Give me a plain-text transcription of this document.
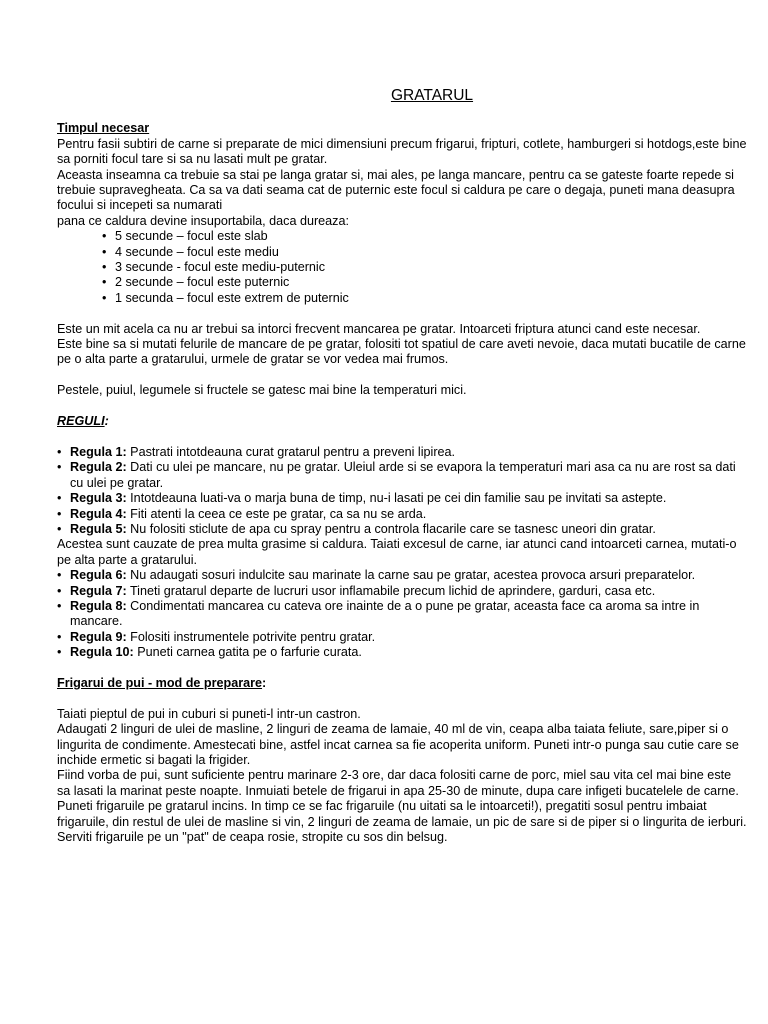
GRATARUL

Timpul necesar

Pentru fasii subtiri de carne si preparate de mici dimensiuni precum frigarui, fripturi, cotlete, hamburgeri si hotdogs,este bine sa porniti focul tare si sa nu lasati mult pe gratar.

Aceasta inseamna ca trebuie sa stai pe langa gratar si, mai ales, pe langa mancare, pentru ca se gateste foarte repede si trebuie supravegheata. Ca sa va dati seama cat de puternic este focul si caldura pe care o degaja, puneti mana deasupra focului si incepeti sa numarati

pana ce caldura devine insuportabila, daca dureaza:

• 5 secunde – focul este slab
• 4 secunde – focul este mediu
• 3 secunde - focul este mediu-puternic
• 2 secunde – focul este puternic
• 1 secunda – focul este extrem de puternic

Este un mit acela ca nu ar trebui sa intorci frecvent mancarea pe gratar. Intoarceti friptura atunci cand este necesar.

Este bine sa si mutati felurile de mancare de pe gratar, folositi tot spatiul de care aveti nevoie, daca mutati bucatile de carne pe o alta parte a gratarului, urmele de gratar se vor vedea mai frumos.

Pestele, puiul, legumele si fructele se gatesc mai bine la temperaturi mici.

REGULI:

• Regula 1: Pastrati intotdeauna curat gratarul pentru a preveni lipirea.
• Regula 2: Dati cu ulei pe mancare, nu pe gratar. Uleiul arde si se evapora la temperaturi mari asa ca nu are rost sa dati cu ulei pe gratar.
• Regula 3: Intotdeauna luati-va o marja buna de timp, nu-i lasati pe cei din familie sau pe invitati sa astepte.
• Regula 4: Fiti atenti la ceea ce este pe gratar, ca sa nu se arda.
• Regula 5: Nu folositi sticlute de apa cu spray pentru a controla flacarile care se tasnesc uneori din gratar.

Acestea sunt cauzate de prea multa grasime si caldura. Taiati excesul de carne, iar atunci cand intoarceti carnea, mutati-o pe alta parte a gratarului.

• Regula 6: Nu adaugati sosuri indulcite sau marinate la carne sau pe gratar, acestea provoca arsuri preparatelor.
• Regula 7: Tineti gratarul departe de lucruri usor inflamabile precum lichid de aprindere, garduri, casa etc.
• Regula 8: Condimentati mancarea cu cateva ore inainte de a o pune pe gratar, aceasta face ca aroma sa intre in mancare.
• Regula 9: Folositi instrumentele potrivite pentru gratar.
• Regula 10: Puneti carnea gatita pe o farfurie curata.

Frigarui de pui - mod de preparare:

Taiati pieptul de pui in cuburi si puneti-l intr-un castron.

Adaugati 2 linguri de ulei de masline, 2 linguri de zeama de lamaie, 40 ml de vin, ceapa alba taiata feliute, sare,piper si o lingurita de condimente. Amestecati bine, astfel incat carnea sa fie acoperita uniform. Puneti intr-o punga sau cutie care se inchide ermetic si bagati la frigider.

Fiind vorba de pui, sunt suficiente pentru marinare 2-3 ore, dar daca folositi carne de porc, miel sau vita cel mai bine este sa lasati la marinat peste noapte. Inmuiati betele de frigarui in apa 25-30 de minute, dupa care infigeti bucatelele de carne.

Puneti frigaruile pe gratarul incins. In timp ce se fac frigaruile (nu uitati sa le intoarceti!), pregatiti sosul pentru imbaiat frigaruile, din restul de ulei de masline si vin, 2 linguri de zeama de lamaie, un pic de sare si de piper si o lingurita de ierburi. Serviti frigaruile pe un "pat" de ceapa rosie, stropite cu sos din belsug.
